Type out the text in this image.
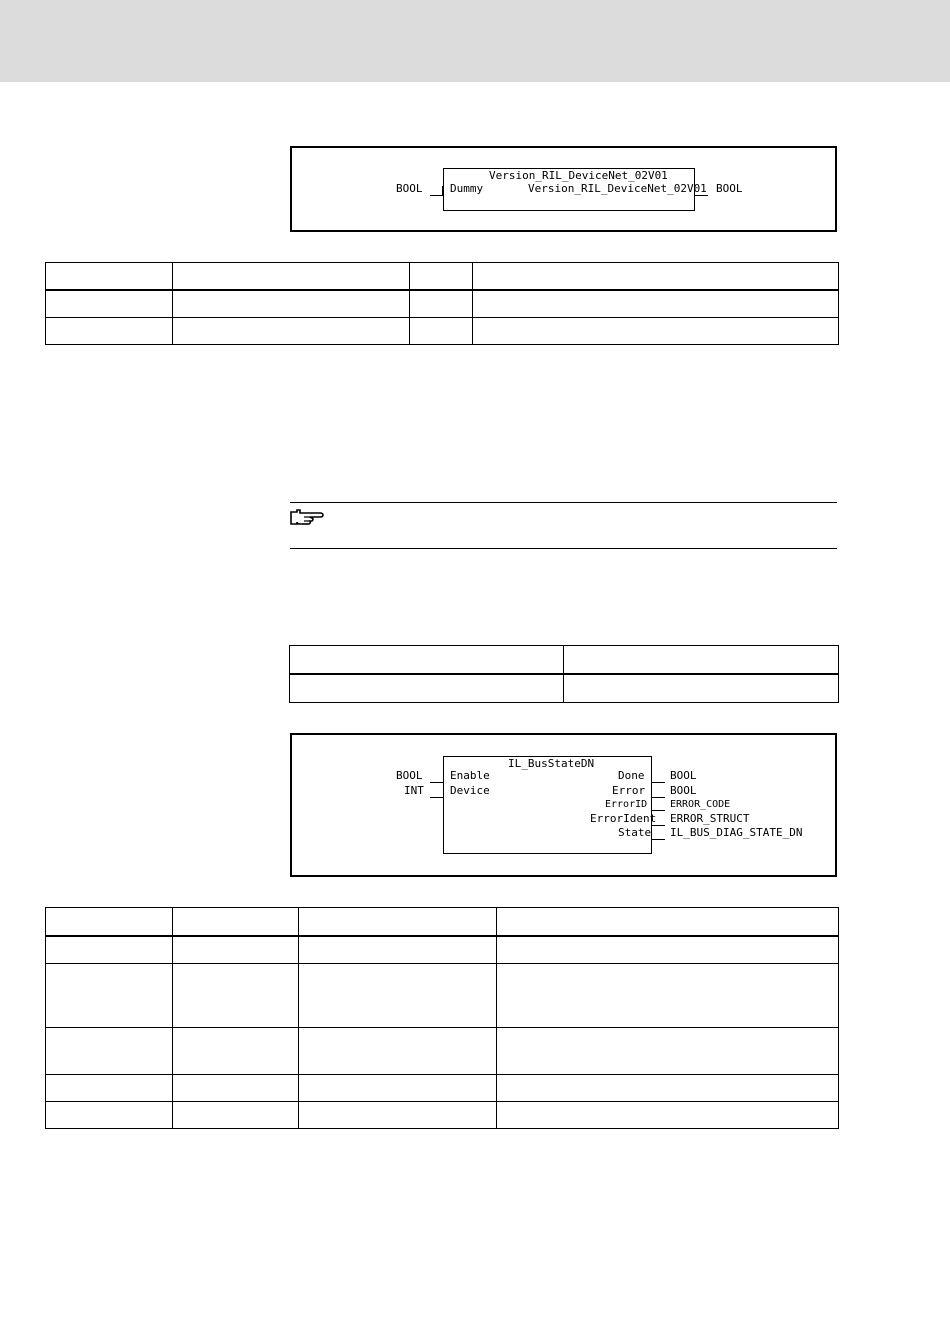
Version_RIL_DeviceNet_02V01
Dummy	Version_RIL_DeviceNet_02V01
BOOL	BOOL

IL_BusStateDN
BOOL	Enable
INT Device
Done BOOL
Error BOOL
ErrorID ERROR_CODE
ErrorIdent ERROR_STRUCT
State IL_BUS_DIAG_STATE_DN
